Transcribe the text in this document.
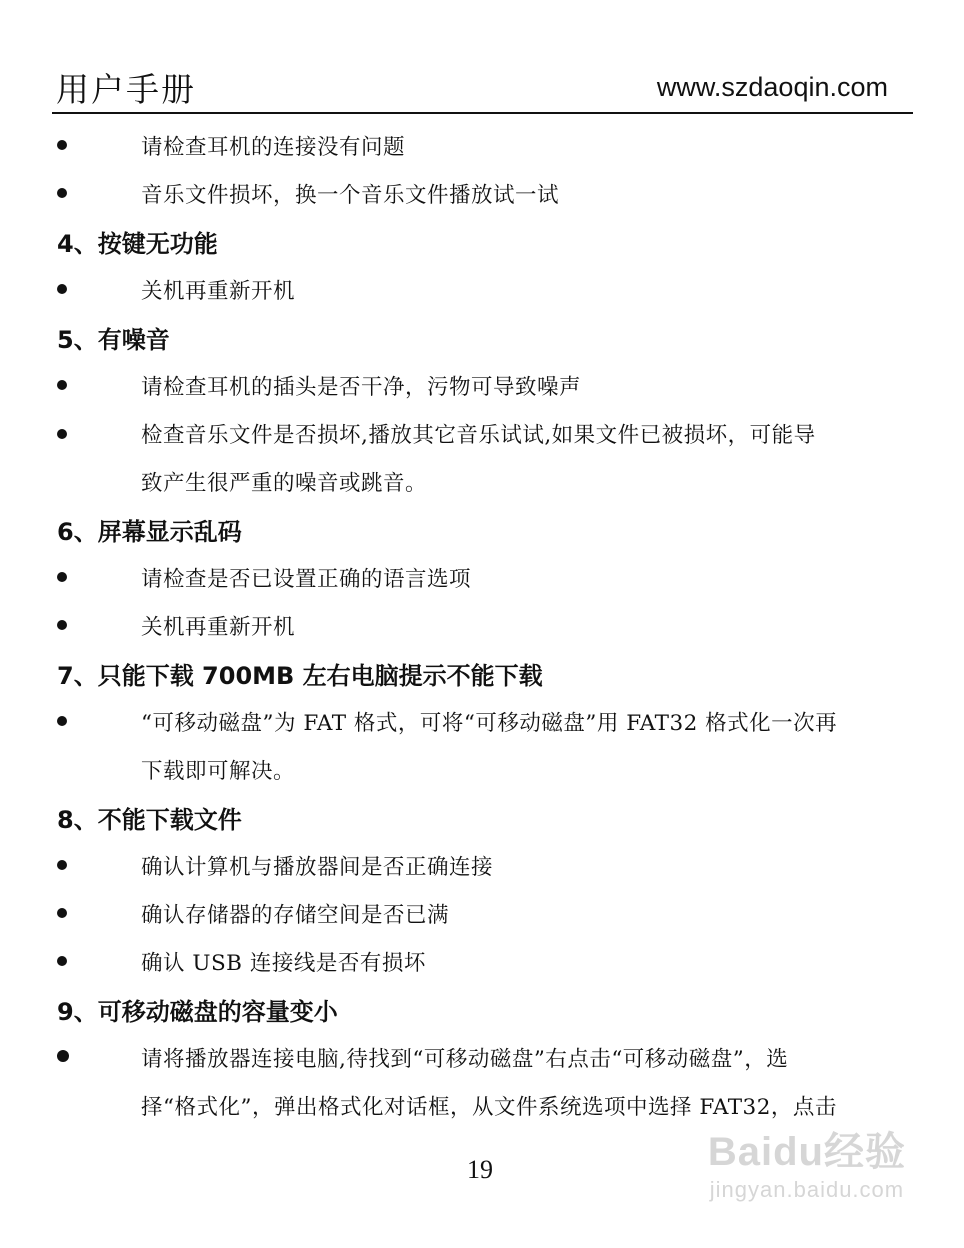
用户手册	www.szdaoqin.com
请检查耳机的连接没有问题
音乐文件损坏，换一个音乐文件播放试一试
4、按键无功能
关机再重新开机
5、有噪音
请检查耳机的插头是否干净，污物可导致噪声
检查音乐文件是否损坏,播放其它音乐试试,如果文件已被损坏，可能导
致产生很严重的噪音或跳音。
6、屏幕显示乱码
请检查是否已设置正确的语言选项
关机再重新开机
7、只能下载 700MB 左右电脑提示不能下载
“可移动磁盘”为 FAT 格式，可将“可移动磁盘”用 FAT32 格式化一次再
下载即可解决。
8、不能下载文件
确认计算机与播放器间是否正确连接
确认存储器的存储空间是否已满
确认 USB 连接线是否有损坏
9、可移动磁盘的容量变小
请将播放器连接电脑,待找到“可移动磁盘”右点击“可移动磁盘”，选
择“格式化”，弹出格式化对话框，从文件系统选项中选择 FAT32，点击
19	Baidu经验
jingyan.baidu.com
